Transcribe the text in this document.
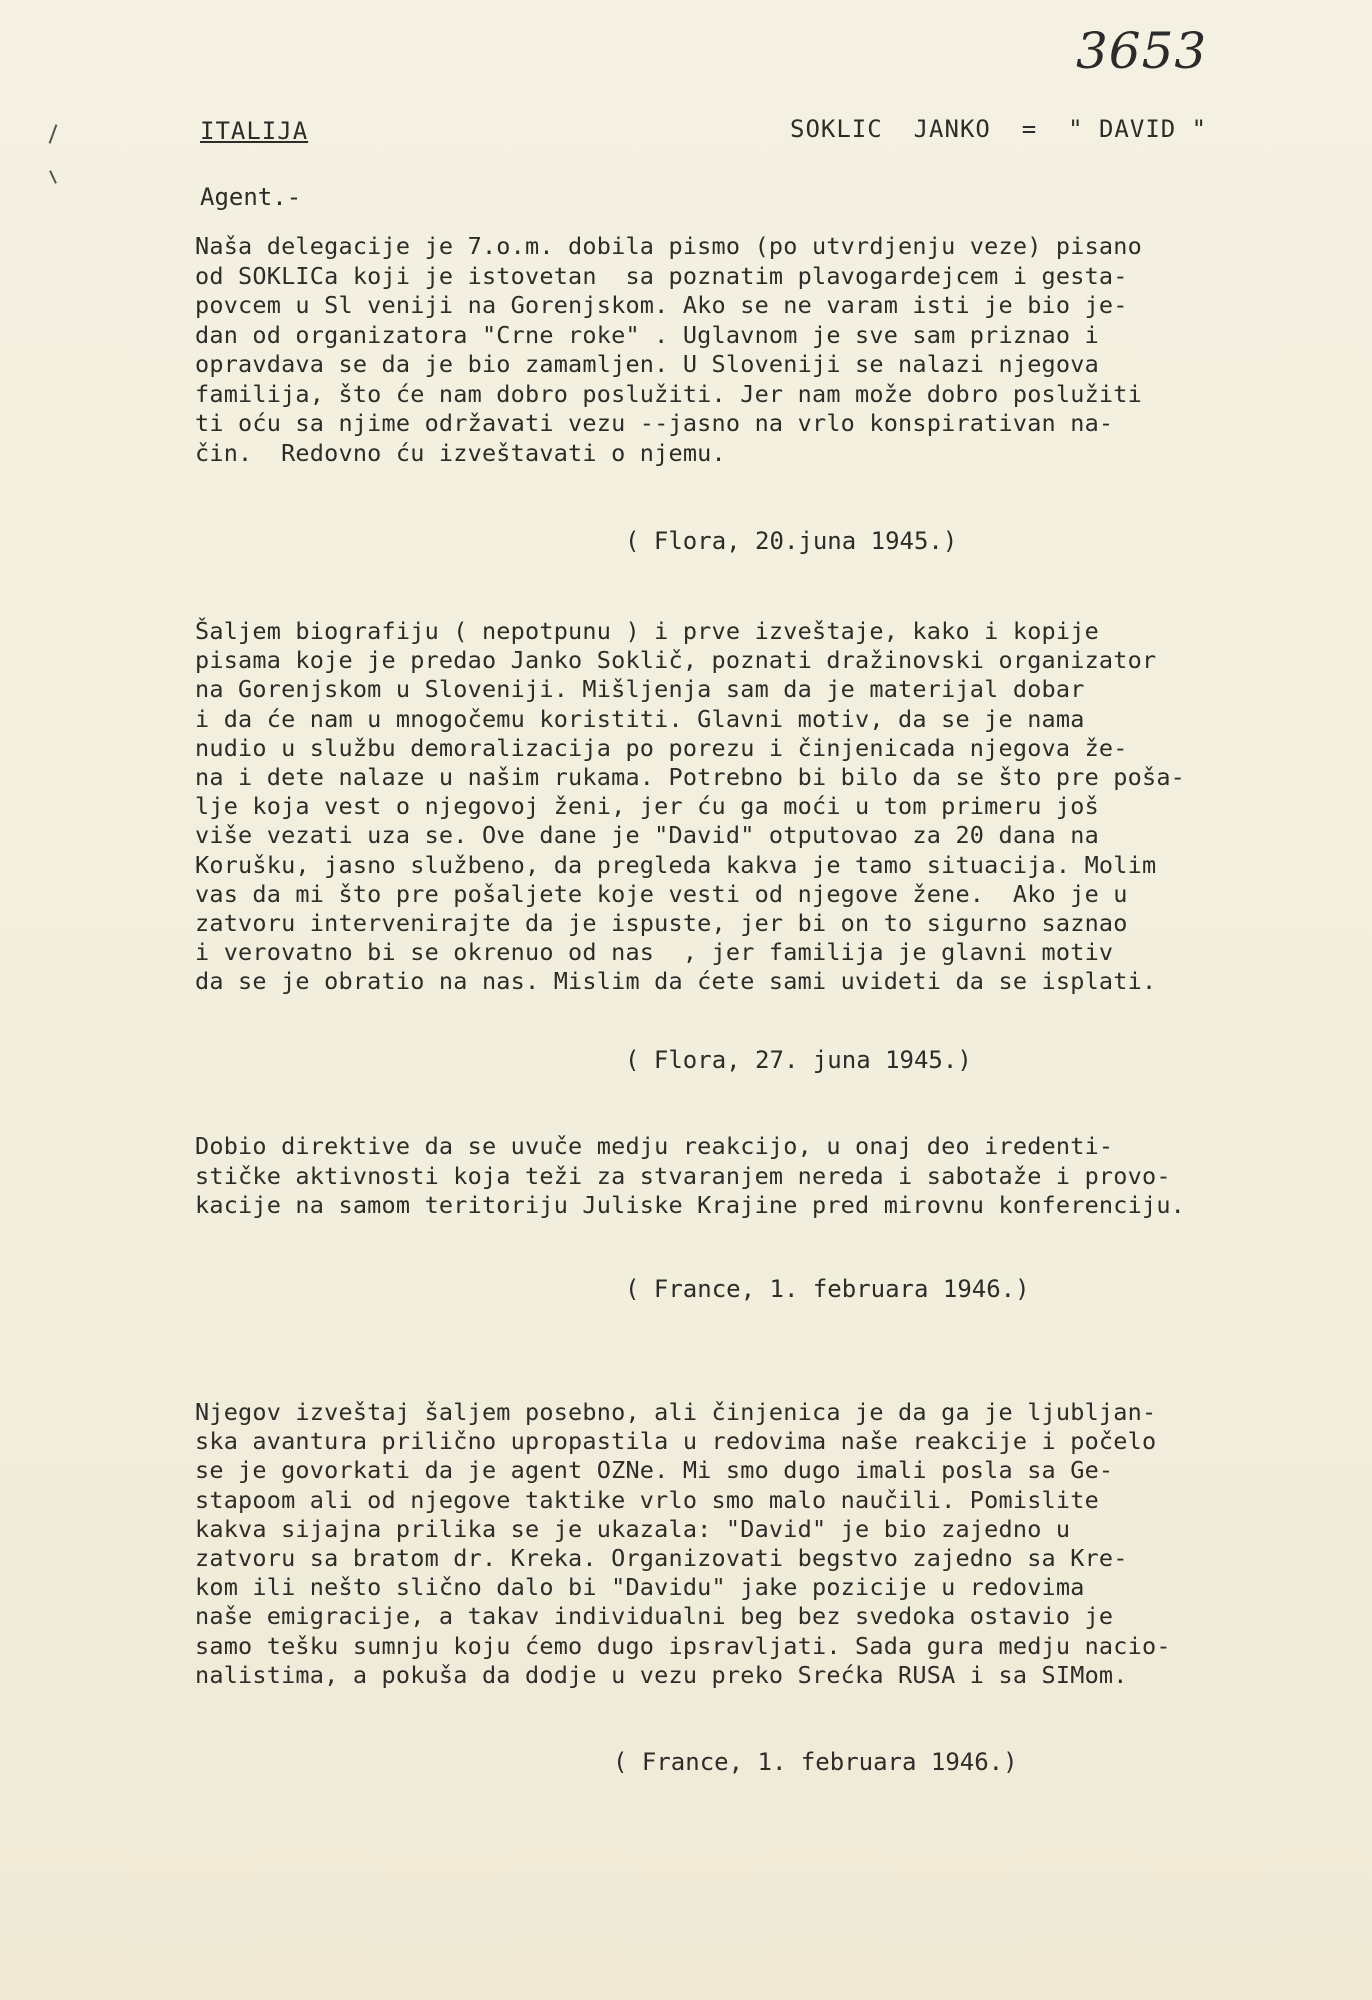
3653
ITALIJA	SOKLIC  JANKO  =  " DAVID "
Agent.-
Naša delegacije je 7.o.m. dobila pismo (po utvrdjenju veze) pisano
od SOKLICa koji je istovetan  sa poznatim plavogardejcem i gesta-
povcem u Sl veniji na Gorenjskom. Ako se ne varam isti je bio je-
dan od organizatora "Crne roke" . Uglavnom je sve sam priznao i
opravdava se da je bio zamamljen. U Sloveniji se nalazi njegova
familija, što će nam dobro poslužiti. Jer nam može dobro poslužiti
ti oću sa njime održavati vezu --jasno na vrlo konspirativan na-
čin.  Redovno ću izveštavati o njemu.
( Flora, 20.juna 1945.)
Šaljem biografiju ( nepotpunu ) i prve izveštaje, kako i kopije
pisama koje je predao Janko Soklič, poznati dražinovski organizator
na Gorenjskom u Sloveniji. Mišljenja sam da je materijal dobar
i da će nam u mnogočemu koristiti. Glavni motiv, da se je nama
nudio u službu demoralizacija po porezu i činjenicada njegova že-
na i dete nalaze u našim rukama. Potrebno bi bilo da se što pre poša-
lje koja vest o njegovoj ženi, jer ću ga moći u tom primeru još
više vezati uza se. Ove dane je "David" otputovao za 20 dana na
Korušku, jasno službeno, da pregleda kakva je tamo situacija. Molim
vas da mi što pre pošaljete koje vesti od njegove žene.  Ako je u
zatvoru intervenirajte da je ispuste, jer bi on to sigurno saznao
i verovatno bi se okrenuo od nas  , jer familija je glavni motiv
da se je obratio na nas. Mislim da ćete sami uvideti da se isplati.
( Flora, 27. juna 1945.)
Dobio direktive da se uvuče medju reakcijo, u onaj deo iredenti-
stičke aktivnosti koja teži za stvaranjem nereda i sabotaže i provo-
kacije na samom teritoriju Juliske Krajine pred mirovnu konferenciju.
( France, 1. februara 1946.)
Njegov izveštaj šaljem posebno, ali činjenica je da ga je ljubljan-
ska avantura prilično upropastila u redovima naše reakcije i počelo
se je govorkati da je agent OZNe. Mi smo dugo imali posla sa Ge-
stapoom ali od njegove taktike vrlo smo malo naučili. Pomislite
kakva sijajna prilika se je ukazala: "David" je bio zajedno u
zatvoru sa bratom dr. Kreka. Organizovati begstvo zajedno sa Kre-
kom ili nešto slično dalo bi "Davidu" jake pozicije u redovima
naše emigracije, a takav individualni beg bez svedoka ostavio je
samo tešku sumnju koju ćemo dugo ipsravljati. Sada gura medju nacio-
nalistima, a pokuša da dodje u vezu preko Srećka RUSA i sa SIMom.
( France, 1. februara 1946.)
